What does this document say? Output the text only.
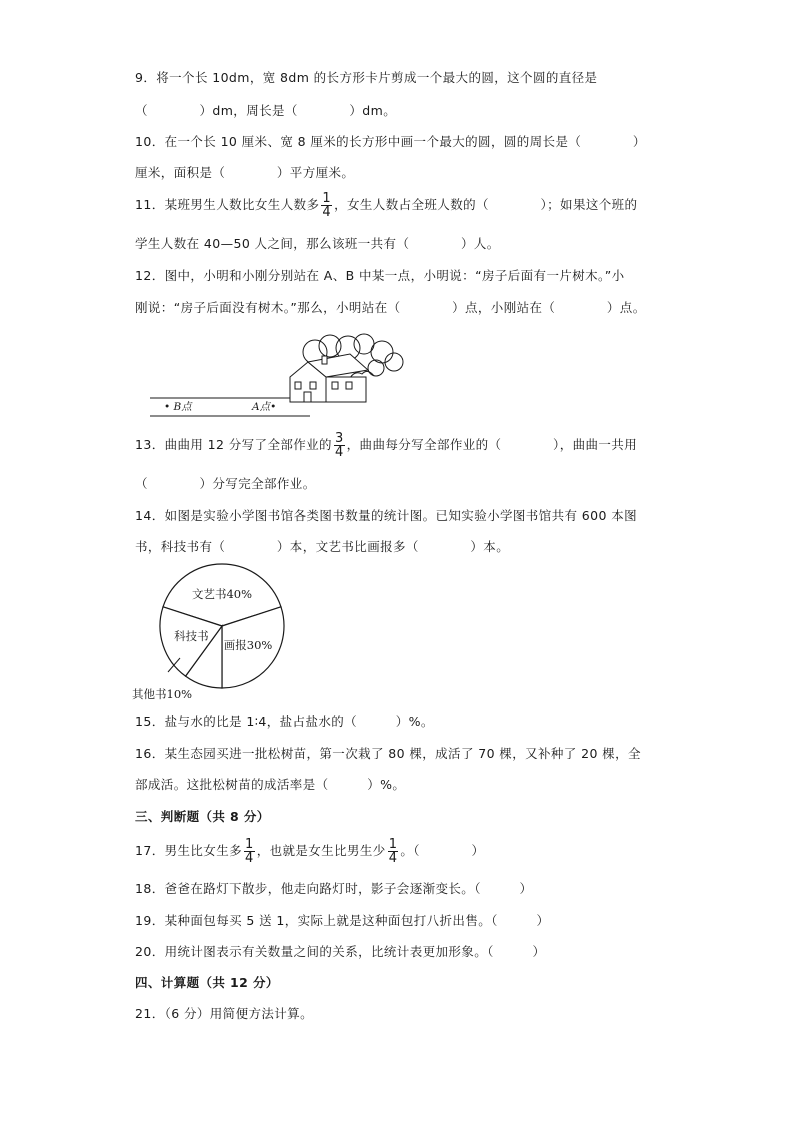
9．将一个长 10dm，宽 8dm 的长方形卡片剪成一个最大的圆，这个圆的直径是
（　　　　）dm，周长是（　　　　）dm。
10．在一个长 10 厘米、宽 8 厘米的长方形中画一个最大的圆，圆的周长是（　　　　）
厘米，面积是（　　　　）平方厘米。
11．某班男生人数比女生人数多 $\frac{1}{4}$ ，女生人数占全班人数的（　　　　）；如果这个班的
学生人数在 40—50 人之间，那么该班一共有（　　　　）人。
12．图中，小明和小刚分别站在 A、B 中某一点，小明说：“房子后面有一片树木。”小
刚说：“房子后面没有树木。”那么，小明站在（　　　　）点，小刚站在（　　　　）点。
• B点	A点•
13．曲曲用 12 分写了全部作业的 $\frac{3}{4}$ ，曲曲每分写全部作业的（　　　　），曲曲一共用
（　　　　）分写完全部作业。
14．如图是实验小学图书馆各类图书数量的统计图。已知实验小学图书馆共有 600 本图
书，科技书有（　　　　）本，文艺书比画报多（　　　　）本。
文艺书40%
画报30%
其他书10%
科技书
15．盐与水的比是 1∶4，盐占盐水的（　　　）%。
16．某生态园买进一批松树苗，第一次栽了 80 棵，成活了 70 棵，又补种了 20 棵，全
部成活。这批松树苗的成活率是（　　　）%。
三、判断题（共 8 分）
17．男生比女生多 $\frac{1}{4}$ ，也就是女生比男生少 $\frac{1}{4}$ 。（　　　　）
18．爸爸在路灯下散步，他走向路灯时，影子会逐渐变长。（　　　）
19．某种面包每买 5 送 1，实际上就是这种面包打八折出售。（　　　）
20．用统计图表示有关数量之间的关系，比统计表更加形象。（　　　）
四、计算题（共 12 分）
21．（6 分）用简便方法计算。
